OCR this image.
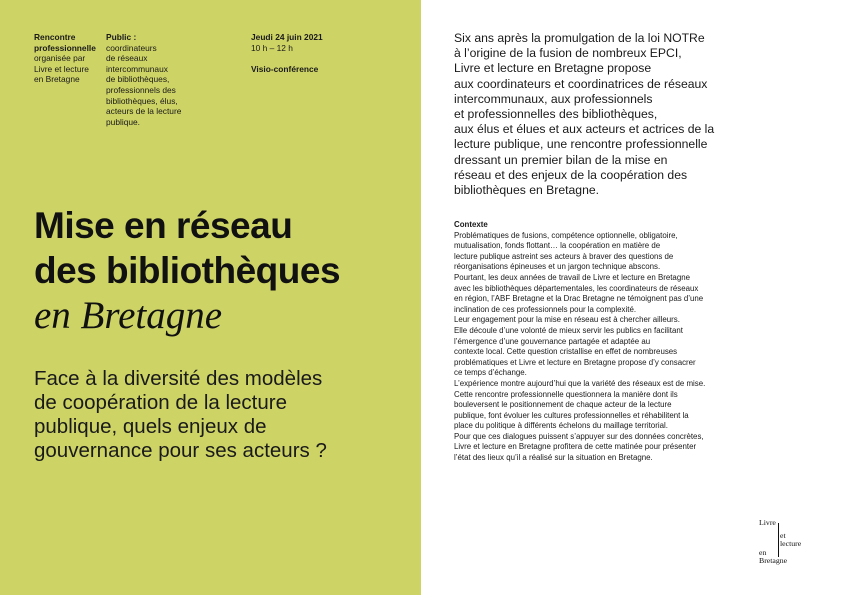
Rencontre
professionnelle
organisée par
Livre et lecture
en Bretagne
Public :
coordinateurs
de réseaux
intercommunaux
de bibliothèques,
professionnels des
bibliothèques, élus,
acteurs de la lecture
publique.
Jeudi 24 juin 2021
10 h – 12 h

Visio-conférence
Mise en réseau
des bibliothèques
en Bretagne
Face à la diversité des modèles
de coopération de la lecture
publique, quels enjeux de
gouvernance pour ses acteurs ?
Six ans après la promulgation de la loi NOTRe
à l’origine de la fusion de nombreux EPCI,
Livre et lecture en Bretagne propose
aux coordinateurs et coordinatrices de réseaux
intercommunaux, aux professionnels
et professionnelles des bibliothèques,
aux élus et élues et aux acteurs et actrices de la
lecture publique, une rencontre professionnelle
dressant un premier bilan de la mise en
réseau et des enjeux de la coopération des
bibliothèques en Bretagne.
Contexte
Problématiques de fusions, compétence optionnelle, obligatoire,
mutualisation, fonds flottant… la coopération en matière de
lecture publique astreint ses acteurs à braver des questions de
réorganisations épineuses et un jargon technique abscons.
Pourtant, les deux années de travail de Livre et lecture en Bretagne
avec les bibliothèques départementales, les coordinateurs de réseaux
en région, l’ABF Bretagne et la Drac Bretagne ne témoignent pas d’une
inclination de ces professionnels pour la complexité.
Leur engagement pour la mise en réseau est à chercher ailleurs.
Elle découle d’une volonté de mieux servir les publics en facilitant
l’émergence d’une gouvernance partagée et adaptée au
contexte local. Cette question cristallise en effet de nombreuses
problématiques et Livre et lecture en Bretagne propose d’y consacrer
ce temps d’échange.
L’expérience montre aujourd’hui que la variété des réseaux est de mise.
Cette rencontre professionnelle questionnera la manière dont ils
bouleversent le positionnement de chaque acteur de la lecture
publique, font évoluer les cultures professionnelles et réhabilitent la
place du politique à différents échelons du maillage territorial.
Pour que ces dialogues puissent s’appuyer sur des données concrètes,
Livre et lecture en Bretagne profitera de cette matinée pour présenter
l’état des lieux qu’il a réalisé sur la situation en Bretagne.
Livre
et
lecture
en
Bretagne
